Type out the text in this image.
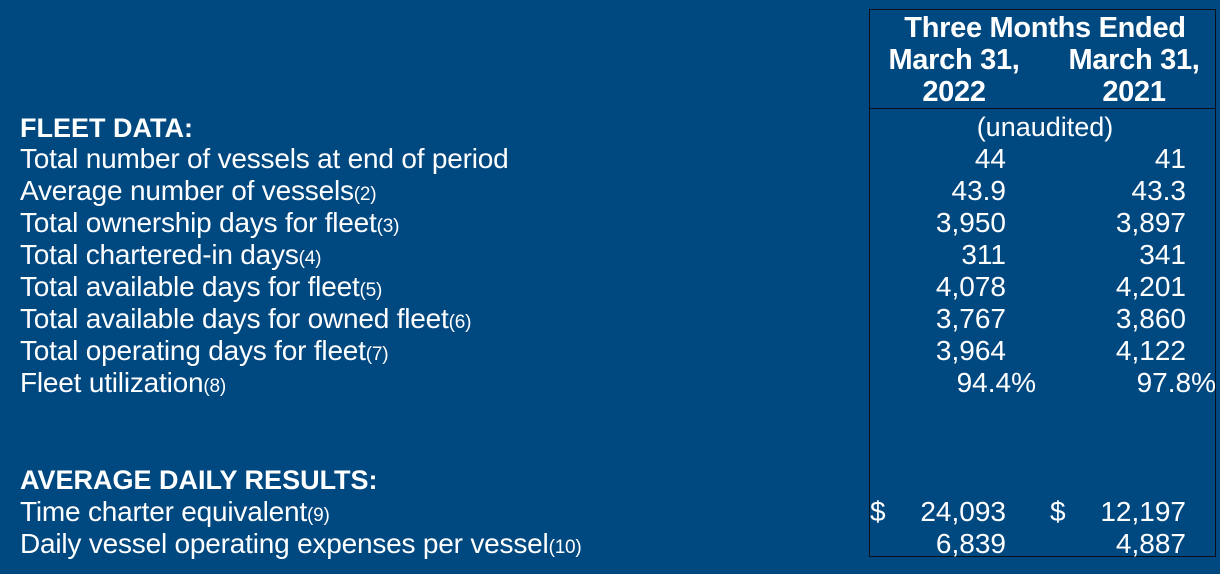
Three Months Ended
March 31,
2022
March 31,
2021
(unaudited)
FLEET DATA:
Total number of vessels at end of period	44	41
Average number of vessels(2)	43.9	43.3
Total ownership days for fleet(3)	3,950	3,897
Total chartered-in days(4)	311	341
Total available days for fleet(5)	4,078	4,201
Total available days for owned fleet(6)	3,767	3,860
Total operating days for fleet(7)	3,964	4,122
Fleet utilization(8)	94.4%	97.8%
AVERAGE DAILY RESULTS:
Time charter equivalent(9)	$ 24,093 $ 12,197
Daily vessel operating expenses per vessel(10)	6,839	4,887
